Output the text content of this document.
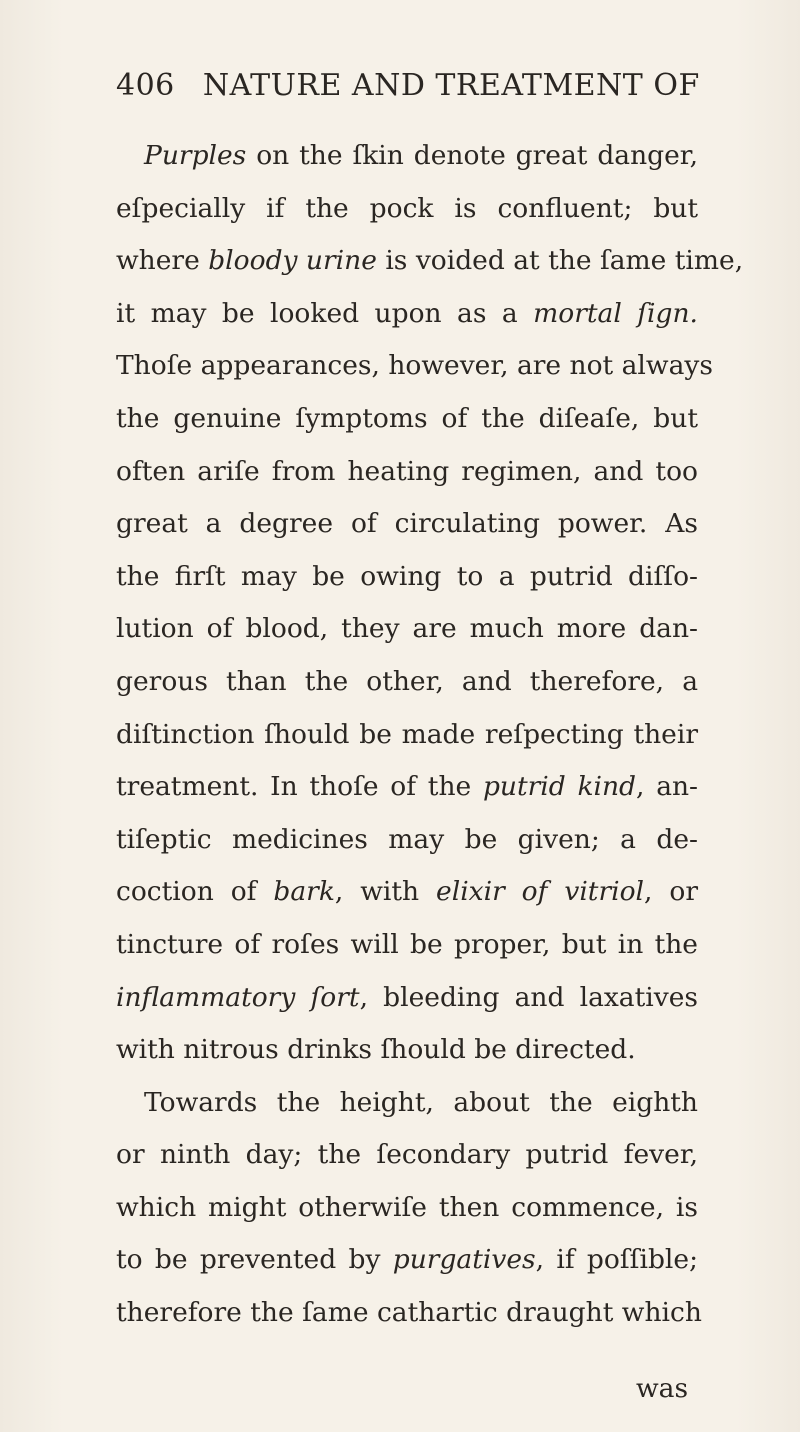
406 NATURE AND TREATMENT OF
Purples on the ſkin denote great danger,
eſpecially if the pock is confluent; but
where bloody urine is voided at the ſame time,
it may be looked upon as a mortal ſign.
Thoſe appearances, however, are not always
the genuine ſymptoms of the diſeaſe, but
often ariſe from heating regimen, and too
great a degree of circulating power. As
the firſt may be owing to a putrid diſſo-
lution of blood, they are much more dan-
gerous than the other, and therefore, a
diſtinction ſhould be made reſpecting their
treatment. In thoſe of the putrid kind, an-
tiſeptic medicines may be given; a de-
coction of bark, with elixir of vitriol, or
tincture of roſes will be proper, but in the
inflammatory ſort, bleeding and laxatives
with nitrous drinks ſhould be directed.
Towards the height, about the eighth
or ninth day; the ſecondary putrid fever,
which might otherwiſe then commence, is
to be prevented by purgatives, if poſſible;
therefore the ſame cathartic draught which
was
